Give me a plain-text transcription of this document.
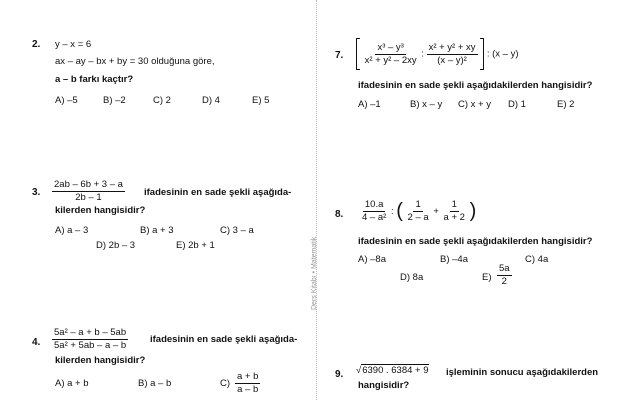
Ders Kitabı • Matematik
2. y – x = 6
ax – ay – bx + by = 30 olduğuna göre,
a – b farkı kaçtır?
A) –5	B) –2	C) 2	D) 4	E) 5
3. $\frac{2ab - 6b + 3 - a}{2b - 1}$ ifadesinin en sade şekli aşağıda-
kilerden hangisidir?
A) a – 3	B) a + 3	C) 3 – a
D) 2b – 3	E) 2b + 1
4. $\frac{\text{5a² – a + b – 5ab}}{\text{5a² + 5ab – a – b}}$ ifadesinin en sade şekli aşağıda-
kilerden hangisidir?
A) a + b	B) a – b	$C) \frac{a + b}{a - b}$
7.
$\frac{\text{x³ – y³}}{\text{x² + y² – 2xy}}$ : $\frac{\text{x² + y² + xy}}{\text{(x – y)²}}$ : (x – y)
ifadesinin en sade şekli aşağıdakilerden hangisidir?
A) –1	B) x – y C) x + y D) 1	E) 2
8. $\frac{10.a}{\text{4 – a²}}$ : ( $\frac{1}{2 - a} + \frac{1}{a + 2}$ )
ifadesinin en sade şekli aşağıdakilerden hangisidir?
A) –8a	B) –4a	C) 4a
D) 8a	$E) \frac{5a}{2}$
9. √6390 . 6384 + 9 işleminin sonucu aşağıdakilerden
hangisidir?
